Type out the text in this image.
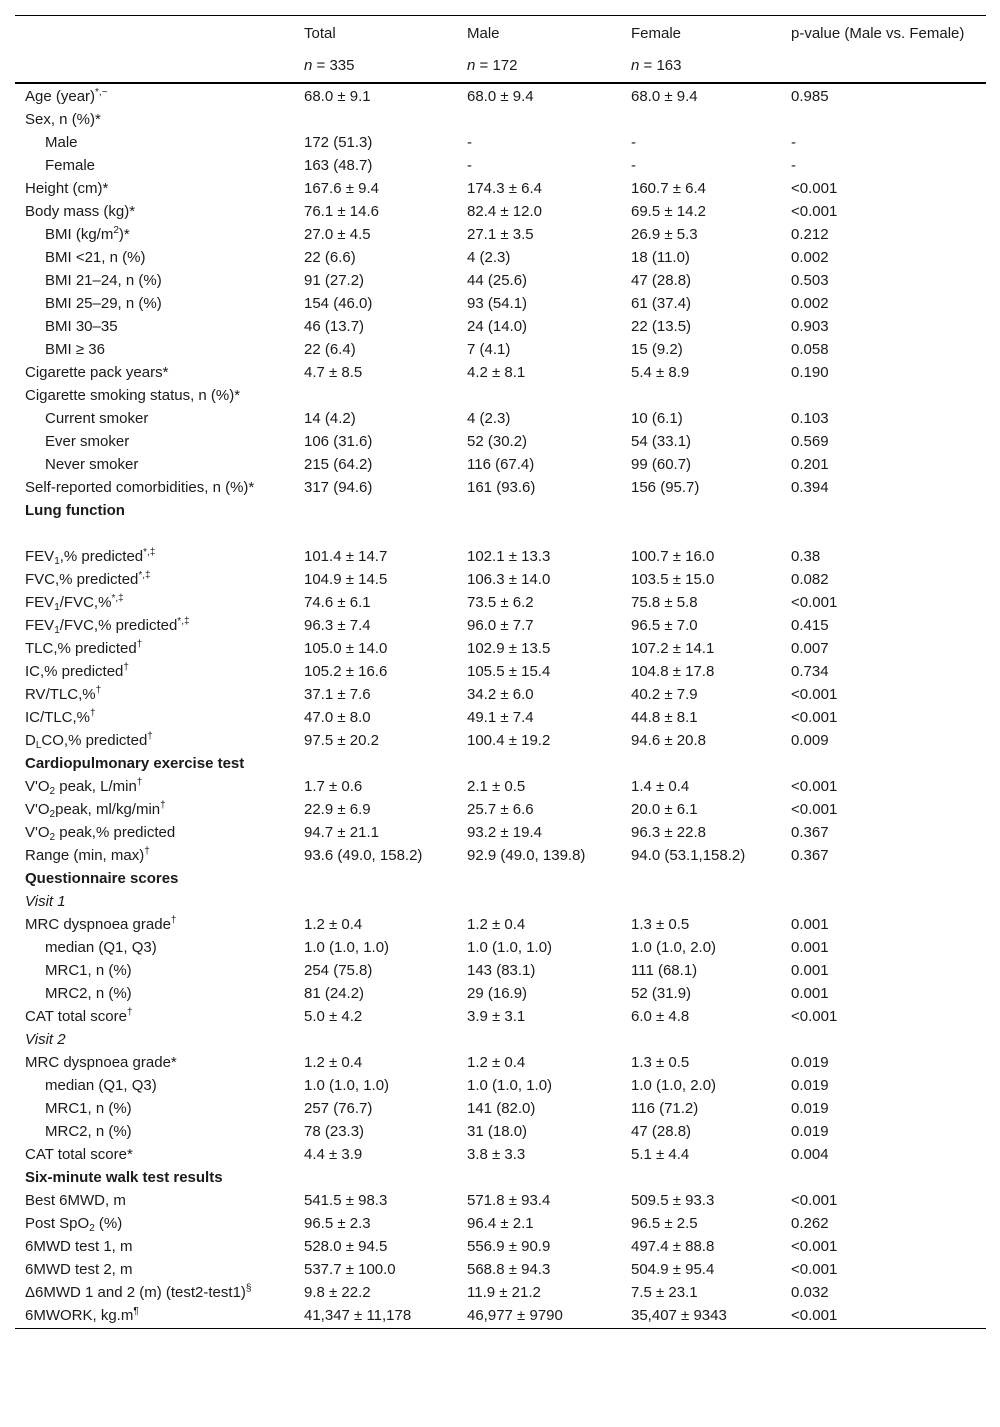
	Total	Male	Female	p-value (Male vs. Female)
	n = 335	n = 172	n = 163	
Age (year)*,~	68.0 ± 9.1	68.0 ± 9.4	68.0 ± 9.4	0.985
Sex, n (%)*				
Male	172 (51.3)	-	-	-
Female	163 (48.7)	-	-	-
Height (cm)*	167.6 ± 9.4	174.3 ± 6.4	160.7 ± 6.4	<0.001
Body mass (kg)*	76.1 ± 14.6	82.4 ± 12.0	69.5 ± 14.2	<0.001
BMI $(kg/m^2)*$	27.0 ± 4.5	27.1 ± 3.5	26.9 ± 5.3	0.212
BMI <21, n (%)	22 (6.6)	4 (2.3)	18 (11.0)	0.002
BMI 21–24, n (%)	91 (27.2)	44 (25.6)	47 (28.8)	0.503
BMI 25–29, n (%)	154 (46.0)	93 (54.1)	61 (37.4)	0.002
BMI 30–35	46 (13.7)	24 (14.0)	22 (13.5)	0.903
BMI ≥ 36	22 (6.4)	7 (4.1)	15 (9.2)	0.058
Cigarette pack years*	4.7 ± 8.5	4.2 ± 8.1	5.4 ± 8.9	0.190
Cigarette smoking status, n (%)*				
Current smoker	14 (4.2)	4 (2.3)	10 (6.1)	0.103
Ever smoker	106 (31.6)	52 (30.2)	54 (33.1)	0.569
Never smoker	215 (64.2)	116 (67.4)	99 (60.7)	0.201
Self-reported comorbidities, n (%)*	317 (94.6)	161 (93.6)	156 (95.7)	0.394
Lung function				
$FEV_1,\%$ predicted*,‡	101.4 ± 14.7	102.1 ± 13.3	100.7 ± 16.0	0.38
FVC,% predicted*,‡	104.9 ± 14.5	106.3 ± 14.0	103.5 ± 15.0	0.082
$FEV_1/FVC,\%^{*,\ddagger}$	74.6 ± 6.1	73.5 ± 6.2	75.8 ± 5.8	<0.001
$FEV_1/FVC,\%$ predicted*,‡	96.3 ± 7.4	96.0 ± 7.7	96.5 ± 7.0	0.415
TLC,% predicted†	105.0 ± 14.0	102.9 ± 13.5	107.2 ± 14.1	0.007
IC,% predicted†	105.2 ± 16.6	105.5 ± 15.4	104.8 ± 17.8	0.734
RV/TLC,%†	37.1 ± 7.6	34.2 ± 6.0	40.2 ± 7.9	<0.001
IC/TLC,%†	47.0 ± 8.0	49.1 ± 7.4	44.8 ± 8.1	<0.001
$D_LCO,\%$ predicted†	97.5 ± 20.2	100.4 ± 19.2	94.6 ± 20.8	0.009
Cardiopulmonary exercise test				
$V'O_2$ peak, L/min†	1.7 ± 0.6	2.1 ± 0.5	1.4 ± 0.4	<0.001
$V'O_2peak$, ml/kg/min†	22.9 ± 6.9	25.7 ± 6.6	20.0 ± 6.1	<0.001
$V'O_2$ peak,% predicted	94.7 ± 21.1	93.2 ± 19.4	96.3 ± 22.8	0.367
Range (min, max)†	93.6 (49.0, 158.2)	92.9 (49.0, 139.8)	94.0 (53.1,158.2)	0.367
Questionnaire scores				
Visit 1				
MRC dyspnoea grade†	1.2 ± 0.4	1.2 ± 0.4	1.3 ± 0.5	0.001
median (Q1, Q3)	1.0 (1.0, 1.0)	1.0 (1.0, 1.0)	1.0 (1.0, 2.0)	0.001
MRC1, n (%)	254 (75.8)	143 (83.1)	111 (68.1)	0.001
MRC2, n (%)	81 (24.2)	29 (16.9)	52 (31.9)	0.001
CAT total score†	5.0 ± 4.2	3.9 ± 3.1	6.0 ± 4.8	<0.001
Visit 2				
MRC dyspnoea grade*	1.2 ± 0.4	1.2 ± 0.4	1.3 ± 0.5	0.019
median (Q1, Q3)	1.0 (1.0, 1.0)	1.0 (1.0, 1.0)	1.0 (1.0, 2.0)	0.019
MRC1, n (%)	257 (76.7)	141 (82.0)	116 (71.2)	0.019
MRC2, n (%)	78 (23.3)	31 (18.0)	47 (28.8)	0.019
CAT total score*	4.4 ± 3.9	3.8 ± 3.3	5.1 ± 4.4	0.004
Six-minute walk test results				
Best 6MWD, m	541.5 ± 98.3	571.8 ± 93.4	509.5 ± 93.3	<0.001
Post SpO$_2$ (%)	96.5 ± 2.3	96.4 ± 2.1	96.5 ± 2.5	0.262
6MWD test 1, m	528.0 ± 94.5	556.9 ± 90.9	497.4 ± 88.8	<0.001
6MWD test 2, m	537.7 ± 100.0	568.8 ± 94.3	504.9 ± 95.4	<0.001
Δ6MWD 1 and 2 (m) (test2-test1)§	9.8 ± 22.2	11.9 ± 21.2	7.5 ± 23.1	0.032
6MWORK, kg.m¶	41,347 ± 11,178	46,977 ± 9790	35,407 ± 9343	<0.001
